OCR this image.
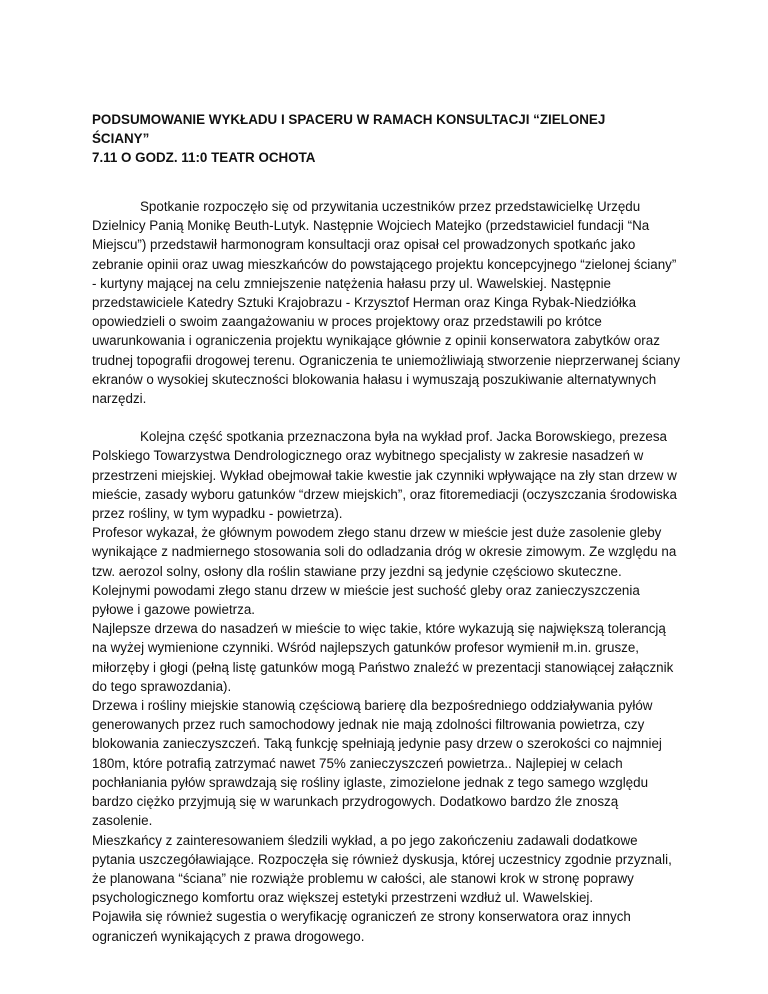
PODSUMOWANIE WYKŁADU I SPACERU W RAMACH KONSULTACJI “ZIELONEJ

ŚCIANY”

7.11 O GODZ. 11:0 TEATR OCHOTA

Spotkanie rozpoczęło się od przywitania uczestników przez przedstawicielkę Urzędu Dzielnicy Panią Monikę Beuth-Lutyk. Następnie Wojciech Matejko (przedstawiciel fundacji “Na Miejscu”) przedstawił harmonogram konsultacji oraz opisał cel prowadzonych spotkańc jako zebranie opinii oraz uwag mieszkańców do powstającego projektu koncepcyjnego “zielonej ściany” - kurtyny mającej na celu zmniejszenie natężenia hałasu przy ul. Wawelskiej. Następnie przedstawiciele Katedry Sztuki Krajobrazu - Krzysztof Herman oraz Kinga Rybak-Niedziółka opowiedzieli o swoim zaangażowaniu w proces projektowy oraz przedstawili po krótce uwarunkowania i ograniczenia projektu wynikające głównie z opinii konserwatora zabytków oraz trudnej topografii drogowej terenu. Ograniczenia te uniemożliwiają stworzenie nieprzerwanej ściany ekranów o wysokiej skuteczności blokowania hałasu i wymuszają poszukiwanie alternatywnych narzędzi.

Kolejna część spotkania przeznaczona była na wykład prof. Jacka Borowskiego, prezesa Polskiego Towarzystwa Dendrologicznego oraz wybitnego specjalisty w zakresie nasadzeń w przestrzeni miejskiej. Wykład obejmował takie kwestie jak czynniki wpływające na zły stan drzew w mieście, zasady wyboru gatunków “drzew miejskich”, oraz fitoremediacji (oczyszczania środowiska przez rośliny, w tym wypadku - powietrza).

Profesor wykazał, że głównym powodem złego stanu drzew w mieście jest duże zasolenie gleby wynikające z nadmiernego stosowania soli do odladzania dróg w okresie zimowym. Ze względu na tzw. aerozol solny, osłony dla roślin stawiane przy jezdni są jedynie częściowo skuteczne. Kolejnymi powodami złego stanu drzew w mieście jest suchość gleby oraz zanieczyszczenia pyłowe i gazowe powietrza.

Najlepsze drzewa do nasadzeń w mieście to więc takie, które wykazują się największą tolerancją na wyżej wymienione czynniki. Wśród najlepszych gatunków profesor wymienił m.in. grusze, miłorzęby i głogi (pełną listę gatunków mogą Państwo znaleźć w prezentacji stanowiącej załącznik do tego sprawozdania).

Drzewa i rośliny miejskie stanowią częściową barierę dla bezpośredniego oddziaływania pyłów generowanych przez ruch samochodowy jednak nie mają zdolności filtrowania powietrza, czy blokowania zanieczyszczeń. Taką funkcję spełniają jedynie pasy drzew o szerokości co najmniej 180m, które potrafią zatrzymać nawet 75% zanieczyszczeń powietrza.. Najlepiej w celach pochłaniania pyłów sprawdzają się rośliny iglaste, zimozielone jednak z tego samego względu bardzo ciężko przyjmują się w warunkach przydrogowych. Dodatkowo bardzo źle znoszą zasolenie.

Mieszkańcy z zainteresowaniem śledzili wykład, a po jego zakończeniu zadawali dodatkowe pytania uszczegóławiające. Rozpoczęła się również dyskusja, której uczestnicy zgodnie przyznali, że planowana “ściana” nie rozwiąże problemu w całości, ale stanowi krok w stronę poprawy psychologicznego komfortu oraz większej estetyki przestrzeni wzdłuż ul. Wawelskiej.

Pojawiła się również sugestia o weryfikację ograniczeń ze strony konserwatora oraz innych ograniczeń wynikających z prawa drogowego.
